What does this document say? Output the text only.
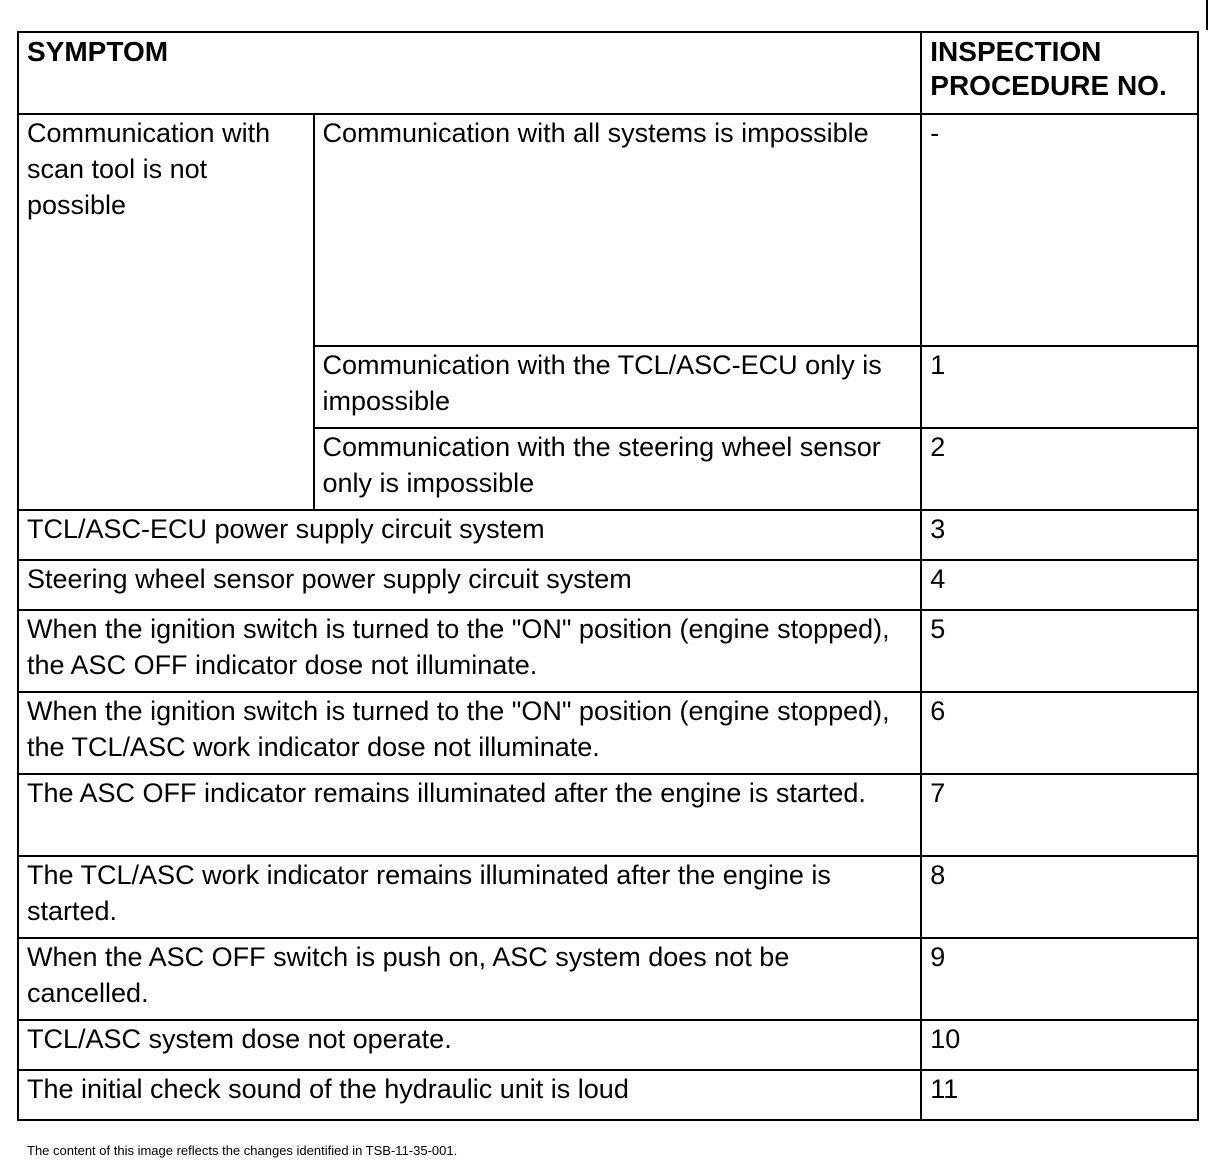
SYMPTOM		INSPECTION
PROCEDURE NO.
Communication with scan tool is not possible	Communication with all systems is impossible	-
	Communication with the TCL/ASC-ECU only is impossible	1
	Communication with the steering wheel sensor only is impossible	2
TCL/ASC-ECU power supply circuit system		3
Steering wheel sensor power supply circuit system		4
When the ignition switch is turned to the "ON" position (engine stopped), the ASC OFF indicator dose not illuminate.		5
When the ignition switch is turned to the "ON" position (engine stopped), the TCL/ASC work indicator dose not illuminate.		6
The ASC OFF indicator remains illuminated after the engine is started.		7
The TCL/ASC work indicator remains illuminated after the engine is started.		8
When the ASC OFF switch is push on, ASC system does not be cancelled.		9
TCL/ASC system dose not operate.		10
The initial check sound of the hydraulic unit is loud		11
The content of this image reflects the changes identified in TSB-11-35-001.
